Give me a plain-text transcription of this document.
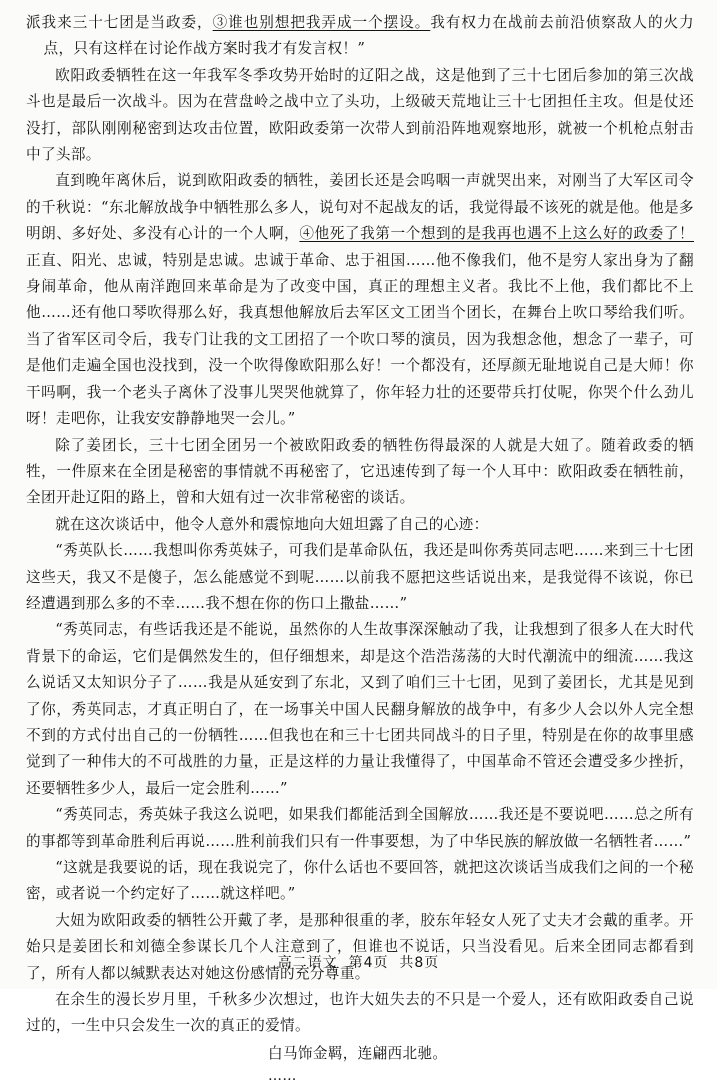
派我来三十七团是当政委，③谁也别想把我弄成一个摆设。我有权力在战前去前沿侦察敌人的火力点，只有这样在讨论作战方案时我才有发言权！”

欧阳政委牺牲在这一年我军冬季攻势开始时的辽阳之战，这是他到了三十七团后参加的第三次战斗也是最后一次战斗。因为在营盘岭之战中立了头功，上级破天荒地让三十七团担任主攻。但是仗还没打，部队刚刚秘密到达攻击位置，欧阳政委第一次带人到前沿阵地观察地形，就被一个机枪点射击中了头部。

直到晚年离休后，说到欧阳政委的牺牲，姜团长还是会呜咽一声就哭出来，对刚当了大军区司令的千秋说：“东北解放战争中牺牲那么多人，说句对不起战友的话，我觉得最不该死的就是他。他是多明朗、多好处、多没有心计的一个人啊，④他死了我第一个想到的是我再也遇不上这么好的政委了！正直、阳光、忠诚，特别是忠诚。忠诚于革命、忠于祖国……他不像我们，他不是穷人家出身为了翻身闹革命，他从南洋跑回来革命是为了改变中国，真正的理想主义者。我比不上他，我们都比不上他……还有他口琴吹得那么好，我真想他解放后去军区文工团当个团长，在舞台上吹口琴给我们听。当了省军区司令后，我专门让我的文工团招了一个吹口琴的演员，因为我想念他，想念了一辈子，可是他们走遍全国也没找到，没一个吹得像欧阳那么好！一个都没有，还厚颜无耻地说自己是大师！你干吗啊，我一个老头子离休了没事儿哭哭他就算了，你年轻力壮的还要带兵打仗呢，你哭个什么劲儿呀！走吧你，让我安安静静地哭一会儿。”

除了姜团长，三十七团全团另一个被欧阳政委的牺牲伤得最深的人就是大妞了。随着政委的牺牲，一件原来在全团是秘密的事情就不再秘密了，它迅速传到了每一个人耳中：欧阳政委在牺牲前，全团开赴辽阳的路上，曾和大妞有过一次非常秘密的谈话。

就在这次谈话中，他令人意外和震惊地向大妞坦露了自己的心迹：

“秀英队长……我想叫你秀英妹子，可我们是革命队伍，我还是叫你秀英同志吧……来到三十七团这些天，我又不是傻子，怎么能感觉不到呢……以前我不愿把这些话说出来，是我觉得不该说，你已经遭遇到那么多的不幸……我不想在你的伤口上撒盐……”

“秀英同志，有些话我还是不能说，虽然你的人生故事深深触动了我，让我想到了很多人在大时代背景下的命运，它们是偶然发生的，但仔细想来，却是这个浩浩荡荡的大时代潮流中的细流……我这么说话又太知识分子了……我是从延安到了东北，又到了咱们三十七团，见到了姜团长，尤其是见到了你，秀英同志，才真正明白了，在一场事关中国人民翻身解放的战争中，有多少人会以外人完全想不到的方式付出自己的一份牺牲……但我也在和三十七团共同战斗的日子里，特别是在你的故事里感觉到了一种伟大的不可战胜的力量，正是这样的力量让我懂得了，中国革命不管还会遭受多少挫折，还要牺牲多少人，最后一定会胜利……”

“秀英同志，秀英妹子我这么说吧，如果我们都能活到全国解放……我还是不要说吧……总之所有的事都等到革命胜利后再说……胜利前我们只有一件事要想，为了中华民族的解放做一名牺牲者……”

“这就是我要说的话，现在我说完了，你什么话也不要回答，就把这次谈话当成我们之间的一个秘密，或者说一个约定好了……就这样吧。”

大妞为欧阳政委的牺牲公开戴了孝，是那种很重的孝，胶东年轻女人死了丈夫才会戴的重孝。开始只是姜团长和刘德全参谋长几个人注意到了，但谁也不说话，只当没看见。后来全团同志都看到了，所有人都以缄默表达对她这份感情的充分尊重。

在余生的漫长岁月里，千秋多少次想过，也许大妞失去的不只是一个爱人，还有欧阳政委自己说过的，一生中只会发生一次的真正的爱情。

白马饰金羁，连翩西北驰。
……
高二语文  第4页  共8页
